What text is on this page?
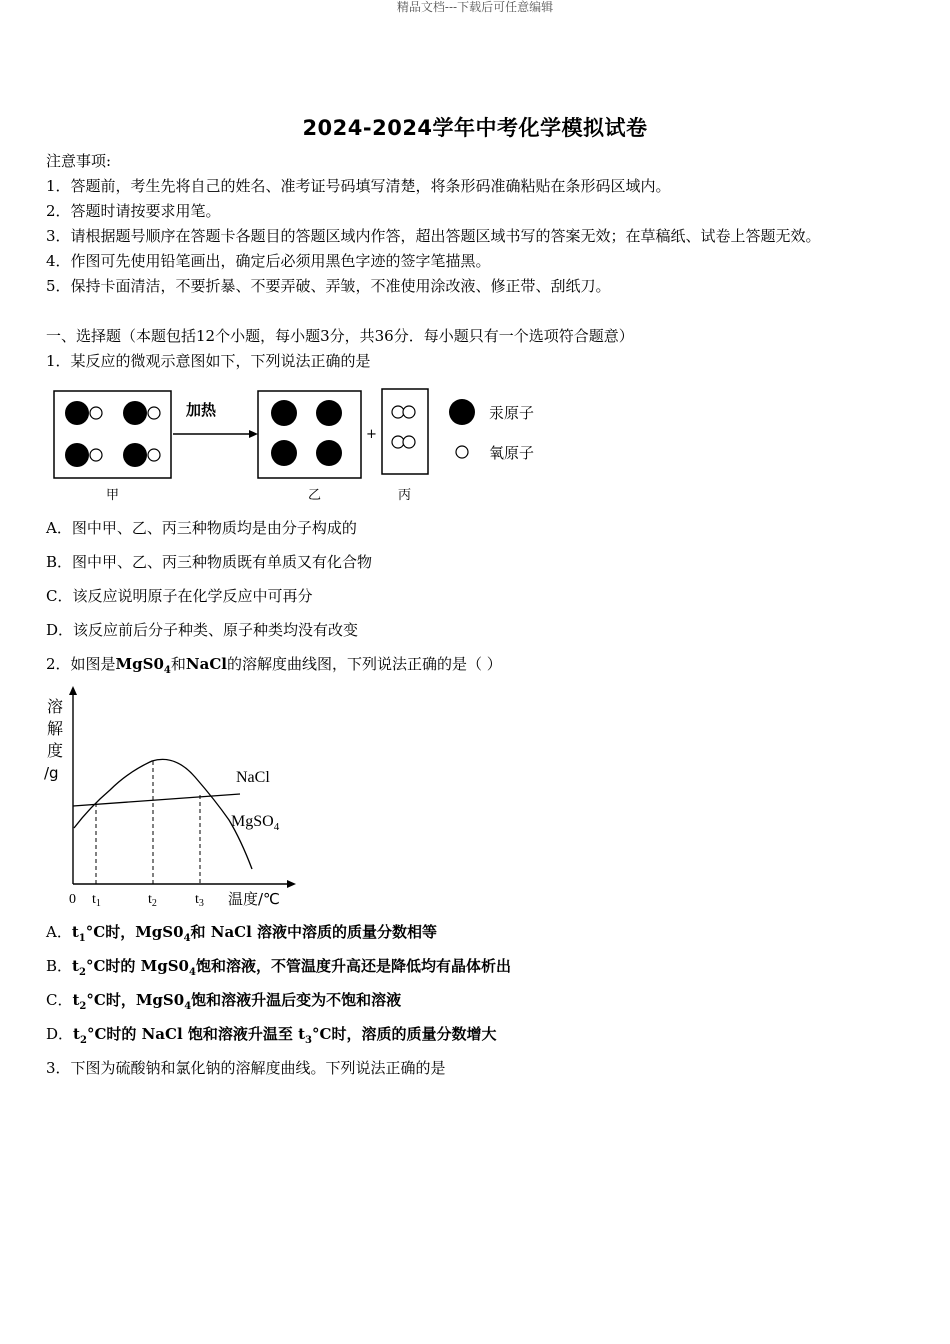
精品文档---下载后可任意编辑
2024-2024学年中考化学模拟试卷
注意事项:
1．答题前，考生先将自己的姓名、准考证号码填写清楚，将条形码准确粘贴在条形码区域内。
2．答题时请按要求用笔。
3．请根据题号顺序在答题卡各题目的答题区域内作答，超出答题区域书写的答案无效；在草稿纸、试卷上答题无效。
4．作图可先使用铅笔画出，确定后必须用黑色字迹的签字笔描黑。
5．保持卡面清洁，不要折暴、不要弄破、弄皱，不准使用涂改液、修正带、刮纸刀。
一、选择题（本题包括12个小题，每小题3分，共36分．每小题只有一个选项符合题意）
1．某反应的微观示意图如下，下列说法正确的是
加热
+
汞原子
氧原子
甲	乙	丙
A．图中甲、乙、丙三种物质均是由分子构成的
B．图中甲、乙、丙三种物质既有单质又有化合物
C．该反应说明原子在化学反应中可再分
D．该反应前后分子种类、原子种类均没有改变
2．如图是$MgS0_4$和NaCl的溶解度曲线图，下列说法正确的是（ ）
溶
解
度
/g	NaCl
MgSO$_4$
0 $t_1$	$t_2$	$t_3$ 温度/℃
A．$t_1^\circ C$时，$MgS0_4$和 NaCl 溶液中溶质的质量分数相等
B．$t_2^\circ C$时的 $MgS0_4$饱和溶液，不管温度升高还是降低均有晶体析出
C．$t_2^\circ C$时，$MgS0_4$饱和溶液升温后变为不饱和溶液
D．$t_2^\circ C$时的 NaCl 饱和溶液升温至 $t_3^\circ C$时，溶质的质量分数增大
3．下图为硫酸钠和氯化钠的溶解度曲线。下列说法正确的是
